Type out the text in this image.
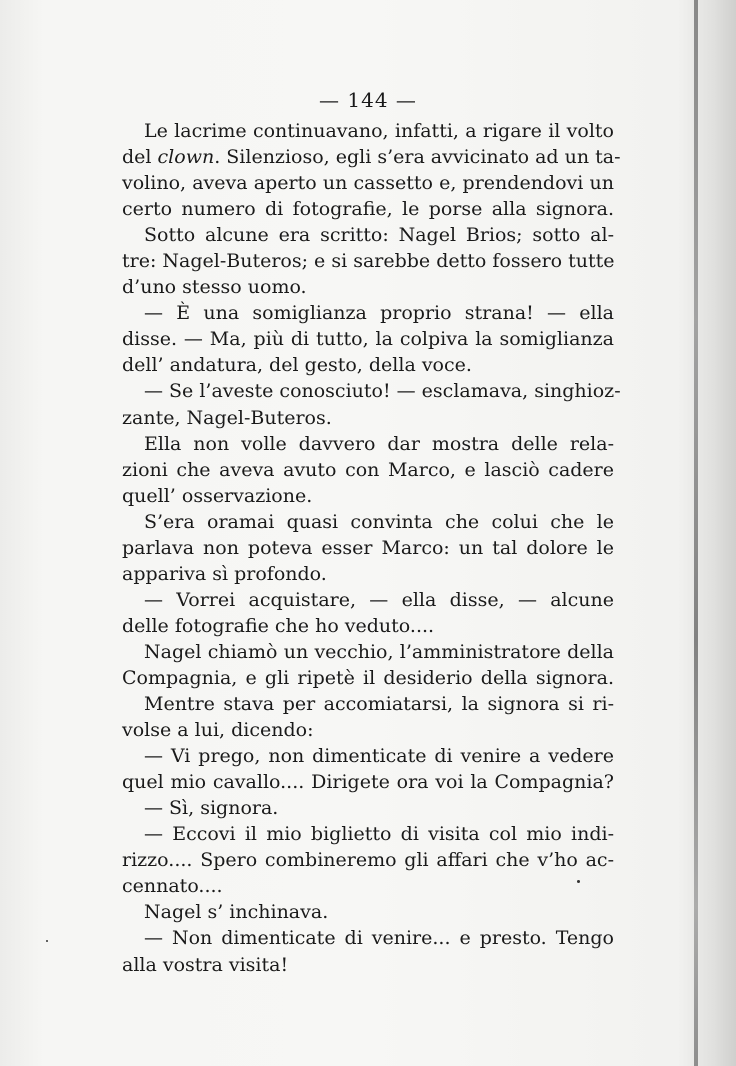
— 144 —
Le lacrime continuavano, infatti, a rigare il volto
del clown. Silenzioso, egli s’era avvicinato ad un ta-
volino, aveva aperto un cassetto e, prendendovi un
certo numero di fotografie, le porse alla signora.
Sotto alcune era scritto: Nagel Brios; sotto al-
tre: Nagel-Buteros; e si sarebbe detto fossero tutte
d’uno stesso uomo.
— È una somiglianza proprio strana! — ella
disse. — Ma, più di tutto, la colpiva la somiglianza
dell’ andatura, del gesto, della voce.
— Se l’aveste conosciuto! — esclamava, singhioz-
zante, Nagel-Buteros.
Ella non volle davvero dar mostra delle rela-
zioni che aveva avuto con Marco, e lasciò cadere
quell’ osservazione.
S’era oramai quasi convinta che colui che le
parlava non poteva esser Marco: un tal dolore le
appariva sì profondo.
— Vorrei acquistare, — ella disse, — alcune
delle fotografie che ho veduto....
Nagel chiamò un vecchio, l’amministratore della
Compagnia, e gli ripetè il desiderio della signora.
Mentre stava per accomiatarsi, la signora si ri-
volse a lui, dicendo:
— Vi prego, non dimenticate di venire a vedere
quel mio cavallo.... Dirigete ora voi la Compagnia?
— Sì, signora.
— Eccovi il mio biglietto di visita col mio indi-
rizzo.... Spero combineremo gli affari che v’ho ac-
cennato....
Nagel s’ inchinava.
— Non dimenticate di venire... e presto. Tengo
alla vostra visita!
